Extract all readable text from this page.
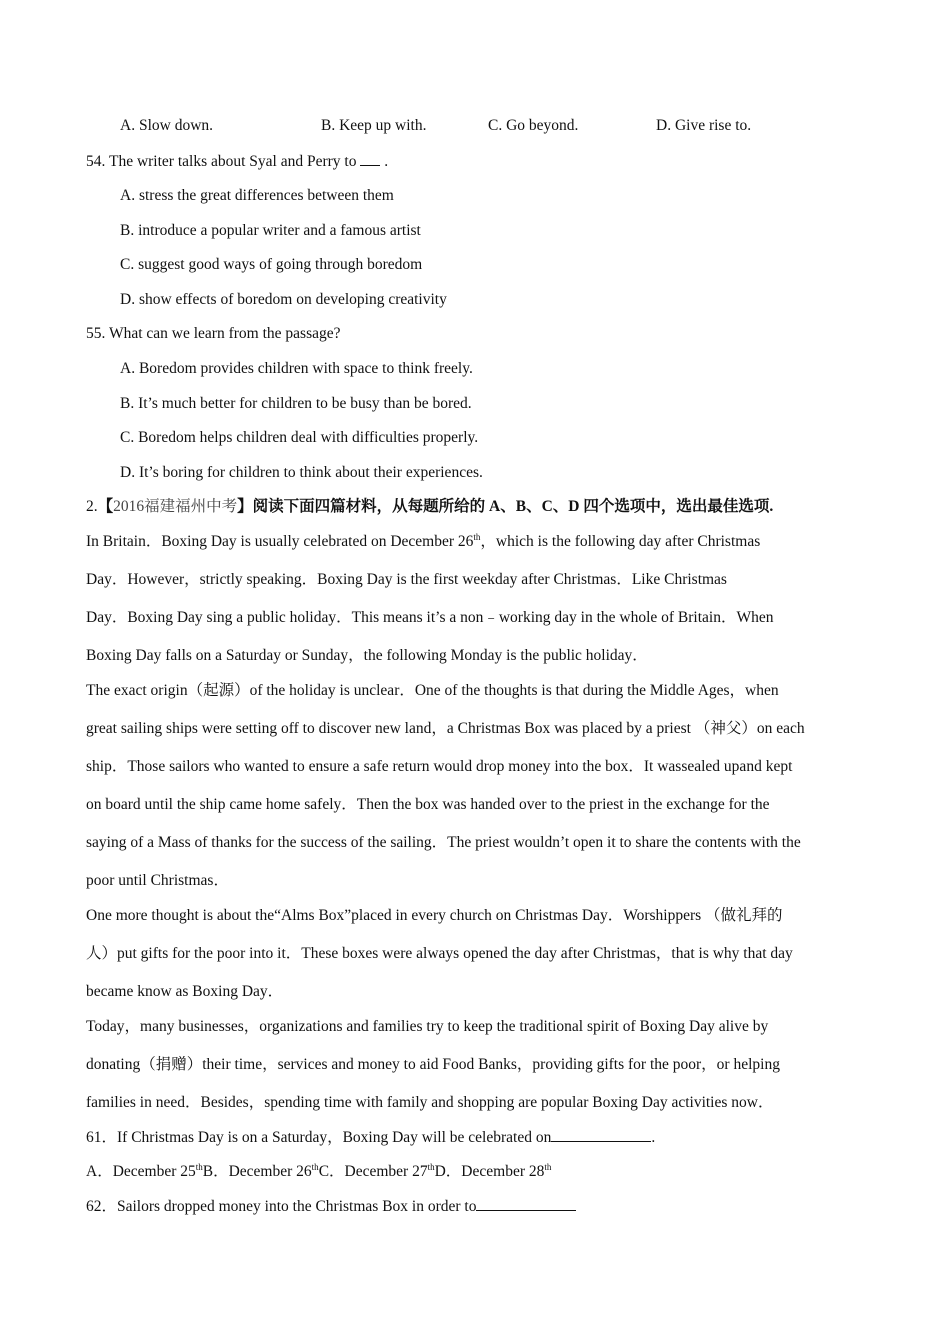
A. Slow down.	B. Keep up with.	C. Go beyond.	D. Give rise to.
54. The writer talks about Syal and Perry to  .
A. stress the great differences between them
B. introduce a popular writer and a famous artist
C. suggest good ways of going through boredom
D. show effects of boredom on developing creativity
55. What can we learn from the passage?
A. Boredom provides children with space to think freely.
B. It’s much better for children to be busy than be bored.
C. Boredom helps children deal with difficulties properly.
D. It’s boring for children to think about their experiences.
2.【2016福建福州中考】阅读下面四篇材料，从每题所给的 A、B、C、D 四个选项中，选出最佳选项.
In Britain．Boxing Day is usually celebrated on December 26th，which is the following day after Christmas
Day．However，strictly speaking．Boxing Day is the first weekday after Christmas．Like Christmas
Day．Boxing Day sing a public holiday．This means it’s a non﹣working day in the whole of Britain．When
Boxing Day falls on a Saturday or Sunday，the following Monday is the public holiday．
The exact origin（起源）of the holiday is unclear．One of the thoughts is that during the Middle Ages，when
great sailing ships were setting off to discover new land，a Christmas Box was placed by a priest （神父）on each
ship．Those sailors who wanted to ensure a safe return would drop money into the box．It wassealed upand kept
on board until the ship came home safely．Then the box was handed over to the priest in the exchange for the
saying of a Mass of thanks for the success of the sailing．The priest wouldn’t open it to share the contents with the
poor until Christmas．
One more thought is about the“Alms Box”placed in every church on Christmas Day．Worshippers （做礼拜的
人）put gifts for the poor into it．These boxes were always opened the day after Christmas，that is why that day
became know as Boxing Day．
Today，many businesses，organizations and families try to keep the traditional spirit of Boxing Day alive by
donating（捐赠）their time，services and money to aid Food Banks，providing gifts for the poor，or helping
families in need．Besides，spending time with family and shopping are popular Boxing Day activities now．
61．If Christmas Day is on a Saturday，Boxing Day will be celebrated on	.
A．December 25thB．December 26thC．December 27thD．December 28th
62．Sailors dropped money into the Christmas Box in order to
